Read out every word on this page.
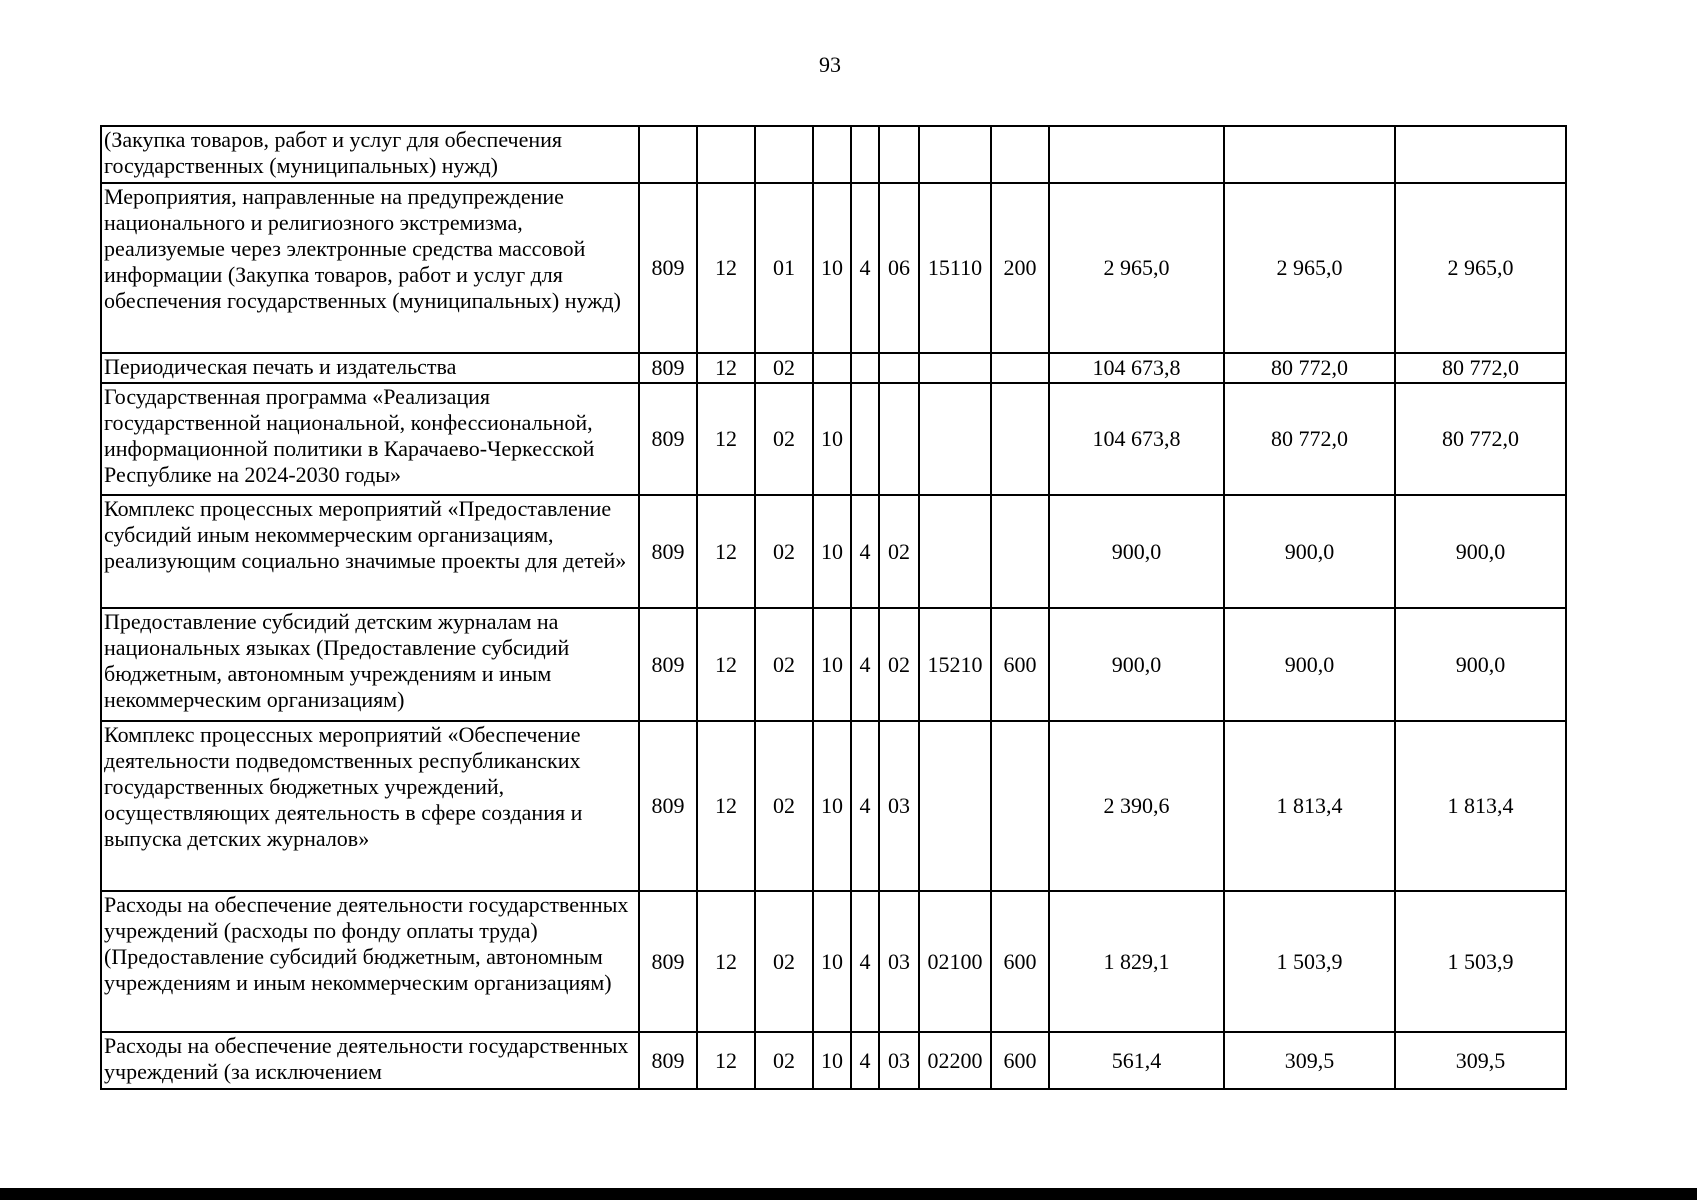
93
(Закупка товаров, работ и услуг для обеспечения государственных (муниципальных) нужд)											
Мероприятия, направленные на предупреждение национального и религиозного экстремизма, реализуемые через электронные средства массовой информации (Закупка товаров, работ и услуг для обеспечения государственных (муниципальных) нужд)	809	12	01	10	4	06	15110	200	2 965,0	2 965,0	2 965,0
Периодическая печать и издательства	809	12	02						104 673,8	80 772,0	80 772,0
Государственная программа «Реализация государственной национальной, конфессиональной, информационной политики в Карачаево-Черкесской Республике на 2024-2030 годы»	809	12	02	10					104 673,8	80 772,0	80 772,0
Комплекс процессных мероприятий «Предоставление субсидий иным некоммерческим организациям, реализующим социально значимые проекты для детей»	809	12	02	10	4	02			900,0	900,0	900,0
Предоставление субсидий детским журналам на национальных языках (Предоставление субсидий бюджетным, автономным учреждениям и иным некоммерческим организациям)	809	12	02	10	4	02	15210	600	900,0	900,0	900,0
Комплекс процессных мероприятий «Обеспечение деятельности подведомственных республиканских государственных бюджетных учреждений, осуществляющих деятельность в сфере создания и выпуска детских журналов»	809	12	02	10	4	03			2 390,6	1 813,4	1 813,4
Расходы на обеспечение деятельности государственных учреждений (расходы по фонду оплаты труда) (Предоставление субсидий бюджетным, автономным учреждениям и иным некоммерческим организациям)	809	12	02	10	4	03	02100	600	1 829,1	1 503,9	1 503,9
Расходы на обеспечение деятельности государственных учреждений (за исключением	809	12	02	10	4	03	02200	600	561,4	309,5	309,5
